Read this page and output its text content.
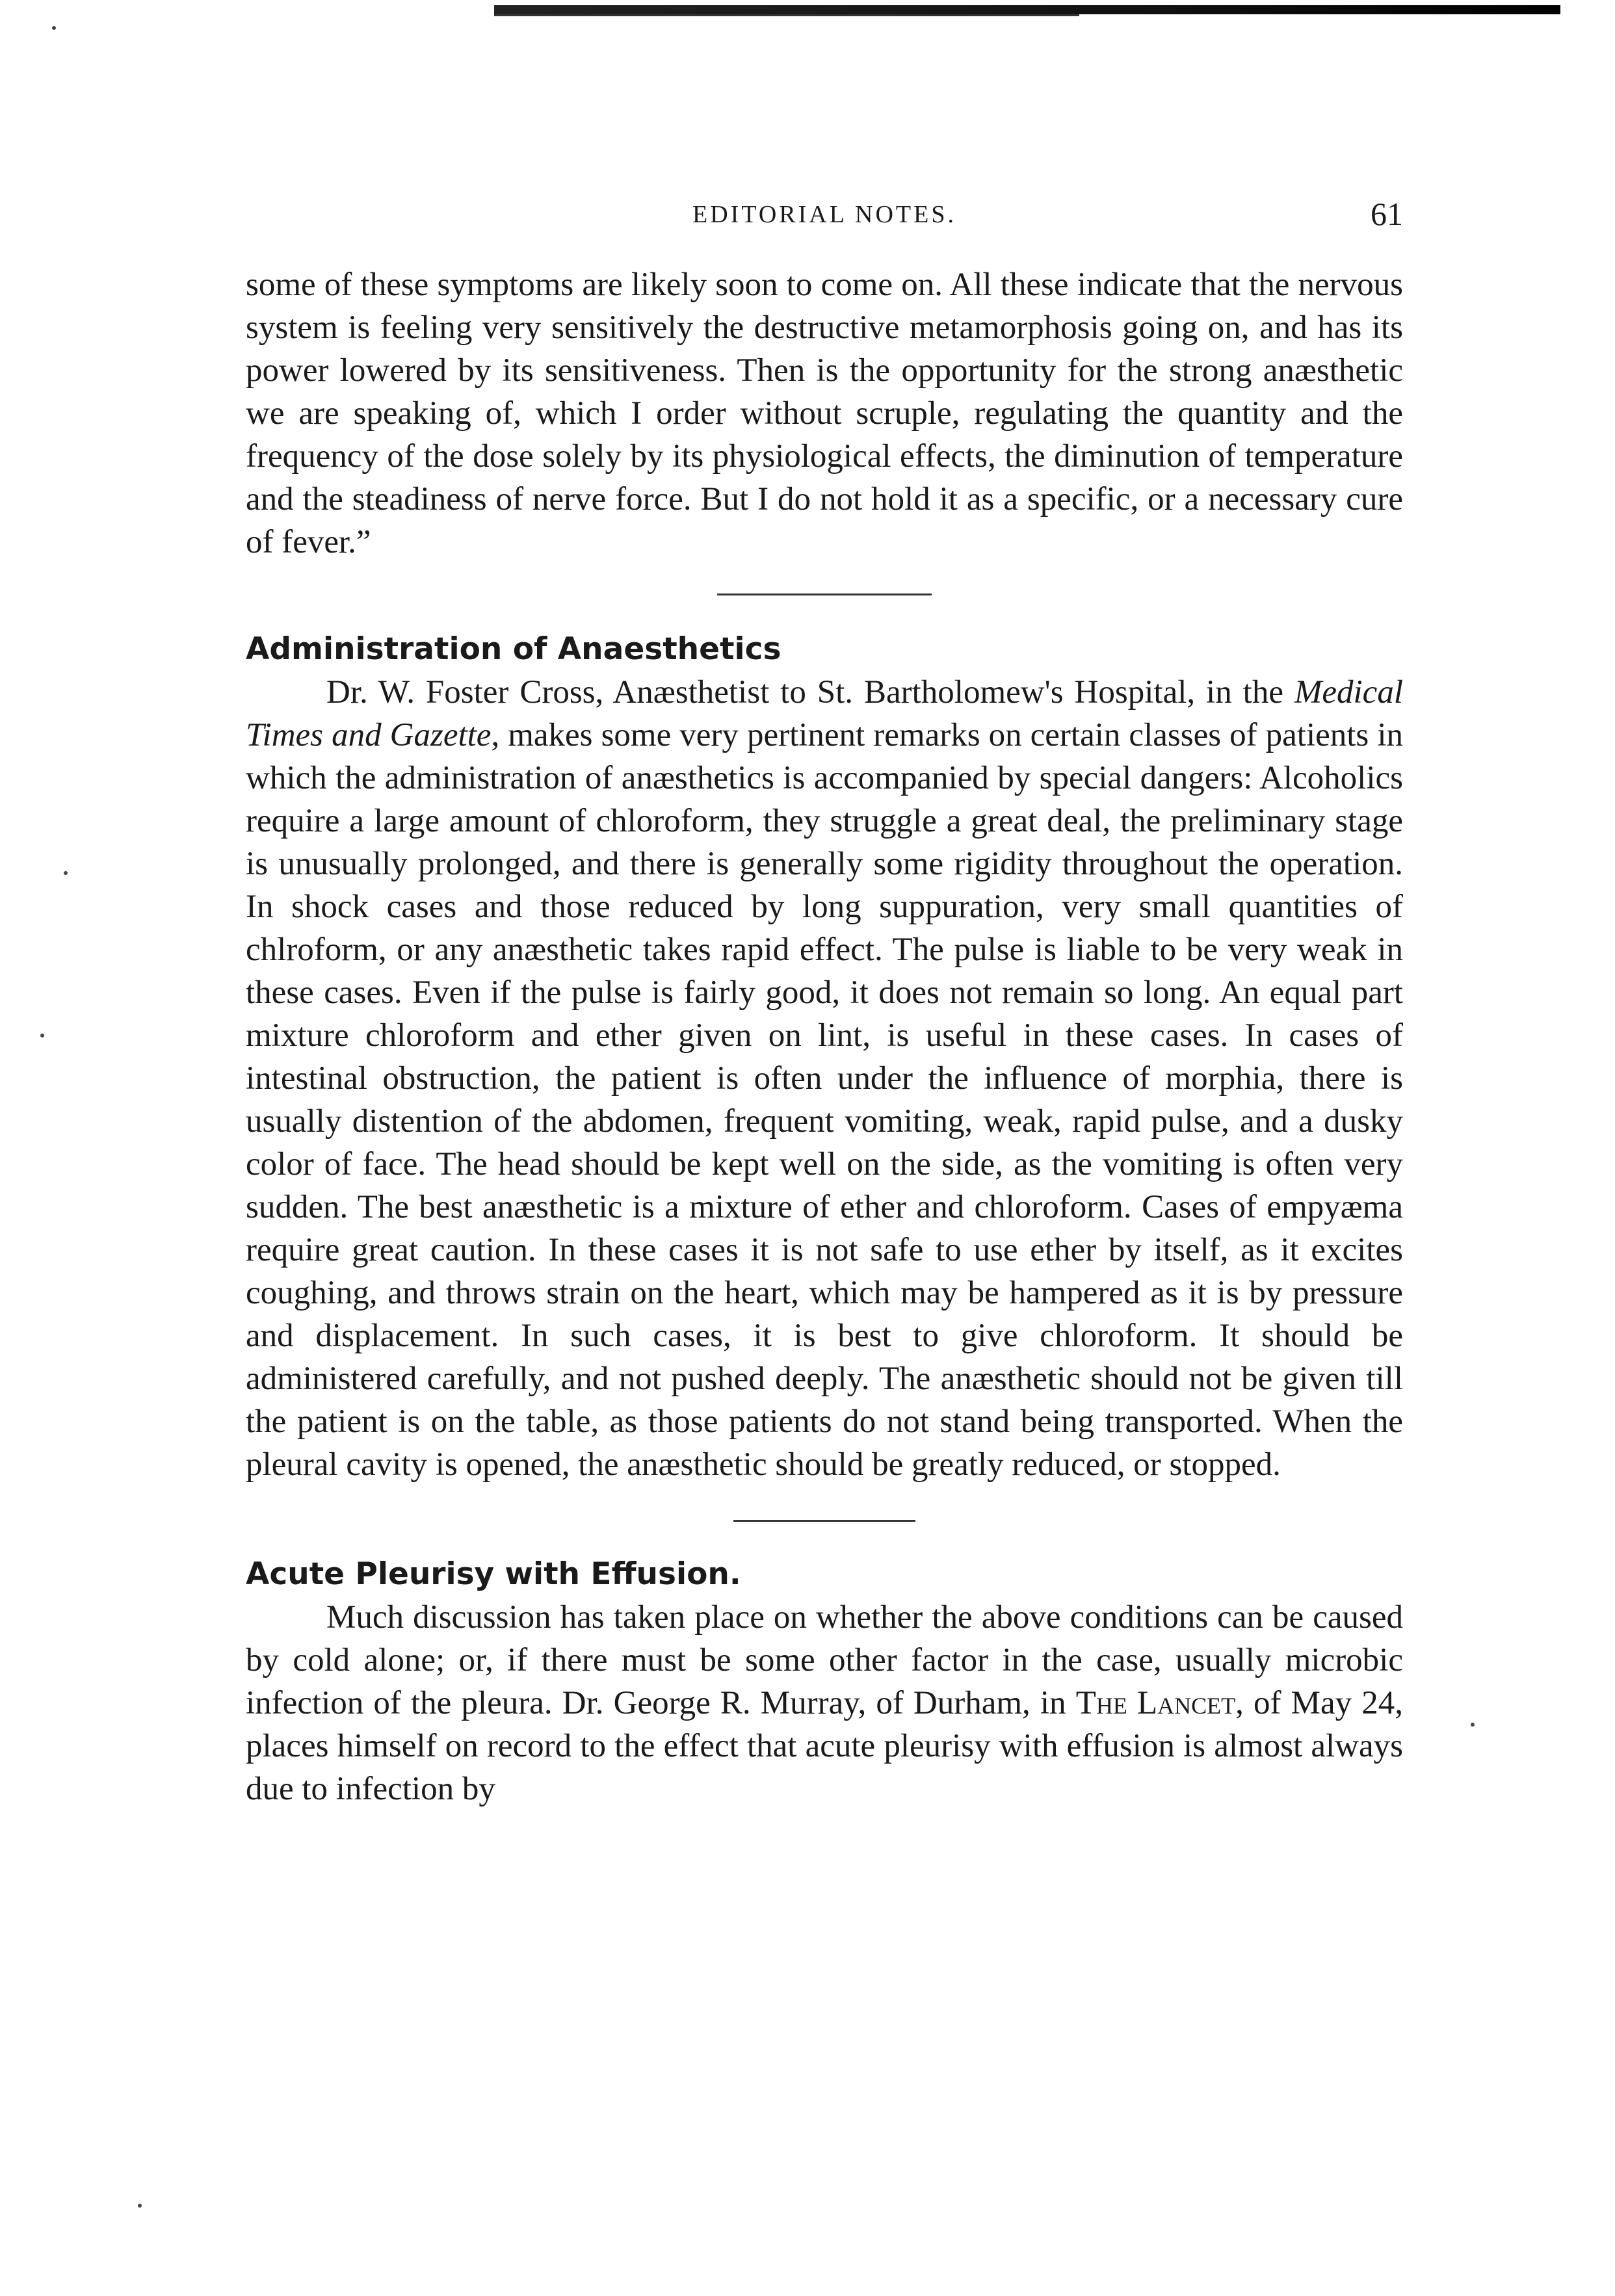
EDITORIAL NOTES.	61

some of these symptoms are likely soon to come on. All these indicate that the nervous system is feeling very sensitively the destructive metamorphosis going on, and has its power lowered by its sensitiveness. Then is the opportunity for the strong anæsthetic we are speaking of, which I order without scruple, regulating the quantity and the frequency of the dose solely by its physiological effects, the diminution of temperature and the steadiness of nerve force. But I do not hold it as a specific, or a necessary cure of fever.”

Administration of Anaesthetics

Dr. W. Foster Cross, Anæsthetist to St. Bartholomew's Hospital, in the Medical Times and Gazette, makes some very pertinent remarks on certain classes of patients in which the administration of anæsthetics is accompanied by special dangers: Alcoholics require a large amount of chloroform, they struggle a great deal, the preliminary stage is unusually prolonged, and there is generally some rigidity throughout the operation. In shock cases and those reduced by long suppuration, very small quantities of chlroform, or any anæsthetic takes rapid effect. The pulse is liable to be very weak in these cases. Even if the pulse is fairly good, it does not remain so long. An equal part mixture chloroform and ether given on lint, is useful in these cases. In cases of intestinal obstruction, the patient is often under the influence of morphia, there is usually distention of the abdomen, frequent vomiting, weak, rapid pulse, and a dusky color of face. The head should be kept well on the side, as the vomiting is often very sudden. The best anæsthetic is a mixture of ether and chloroform. Cases of empyæma require great caution. In these cases it is not safe to use ether by itself, as it excites coughing, and throws strain on the heart, which may be hampered as it is by pressure and displacement. In such cases, it is best to give chloroform. It should be administered carefully, and not pushed deeply. The anæsthetic should not be given till the patient is on the table, as those patients do not stand being transported. When the pleural cavity is opened, the anæsthetic should be greatly reduced, or stopped.

Acute Pleurisy with Effusion.

Much discussion has taken place on whether the above conditions can be caused by cold alone; or, if there must be some other factor in the case, usually microbic infection of the pleura. Dr. George R. Murray, of Durham, in The Lancet, of May 24, places himself on record to the effect that acute pleurisy with effusion is almost always due to infection by
